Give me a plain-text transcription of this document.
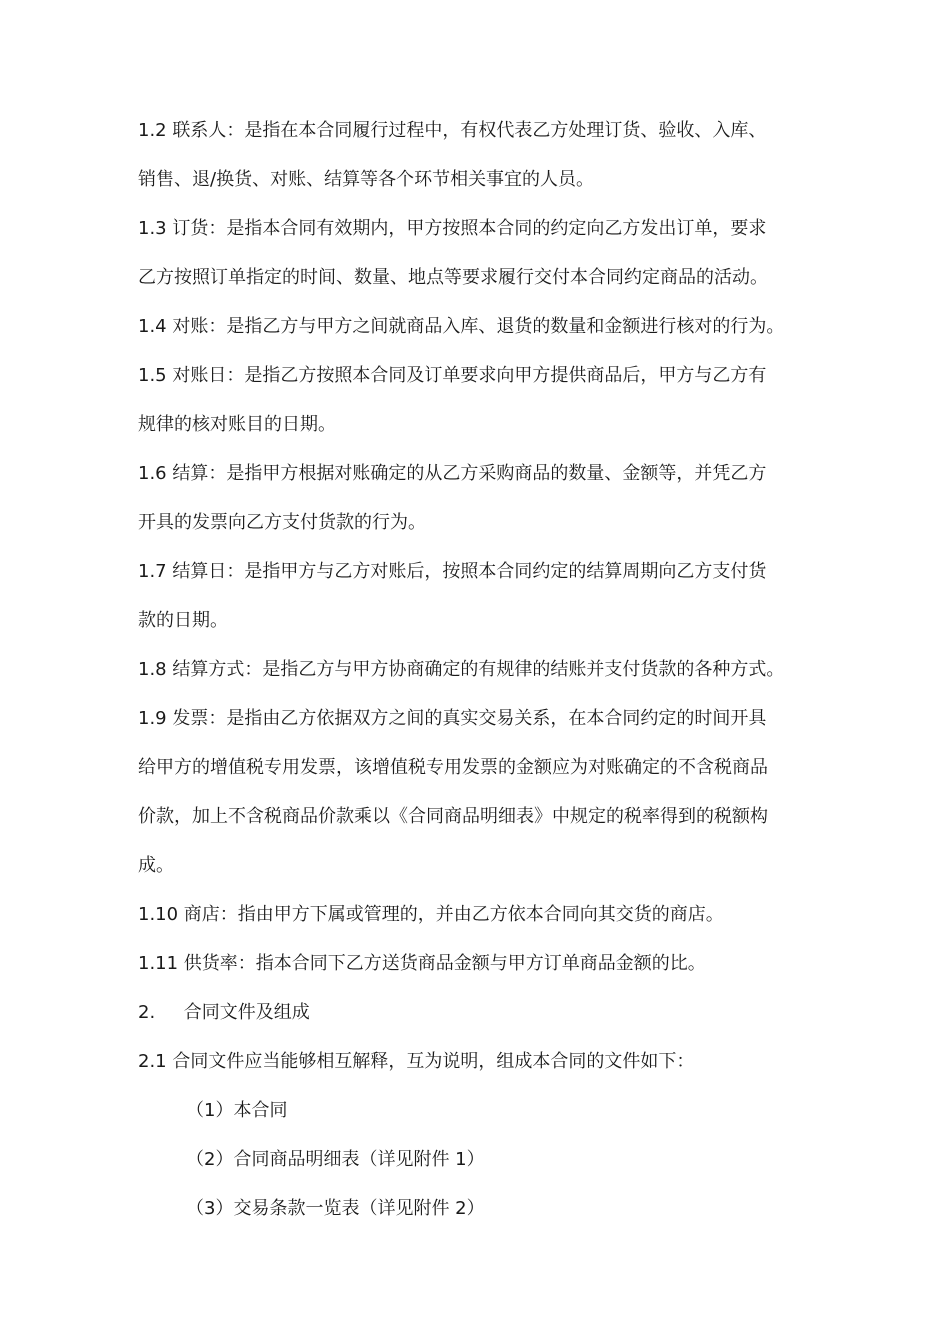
1.2 联系人：是指在本合同履行过程中，有权代表乙方处理订货、验收、入库、
销售、退/换货、对账、结算等各个环节相关事宜的人员。
1.3 订货：是指本合同有效期内，甲方按照本合同的约定向乙方发出订单，要求
乙方按照订单指定的时间、数量、地点等要求履行交付本合同约定商品的活动。
1.4 对账：是指乙方与甲方之间就商品入库、退货的数量和金额进行核对的行为。
1.5 对账日：是指乙方按照本合同及订单要求向甲方提供商品后，甲方与乙方有
规律的核对账目的日期。
1.6 结算：是指甲方根据对账确定的从乙方采购商品的数量、金额等，并凭乙方
开具的发票向乙方支付货款的行为。
1.7 结算日：是指甲方与乙方对账后，按照本合同约定的结算周期向乙方支付货
款的日期。
1.8 结算方式：是指乙方与甲方协商确定的有规律的结账并支付货款的各种方式。
1.9 发票：是指由乙方依据双方之间的真实交易关系，在本合同约定的时间开具
给甲方的增值税专用发票，该增值税专用发票的金额应为对账确定的不含税商品
价款，加上不含税商品价款乘以《合同商品明细表》中规定的税率得到的税额构
成。
1.10 商店：指由甲方下属或管理的，并由乙方依本合同向其交货的商店。
1.11 供货率：指本合同下乙方送货商品金额与甲方订单商品金额的比。
2.     合同文件及组成
2.1 合同文件应当能够相互解释，互为说明，组成本合同的文件如下：
（1）本合同
（2）合同商品明细表（详见附件 1）
（3）交易条款一览表（详见附件 2）
